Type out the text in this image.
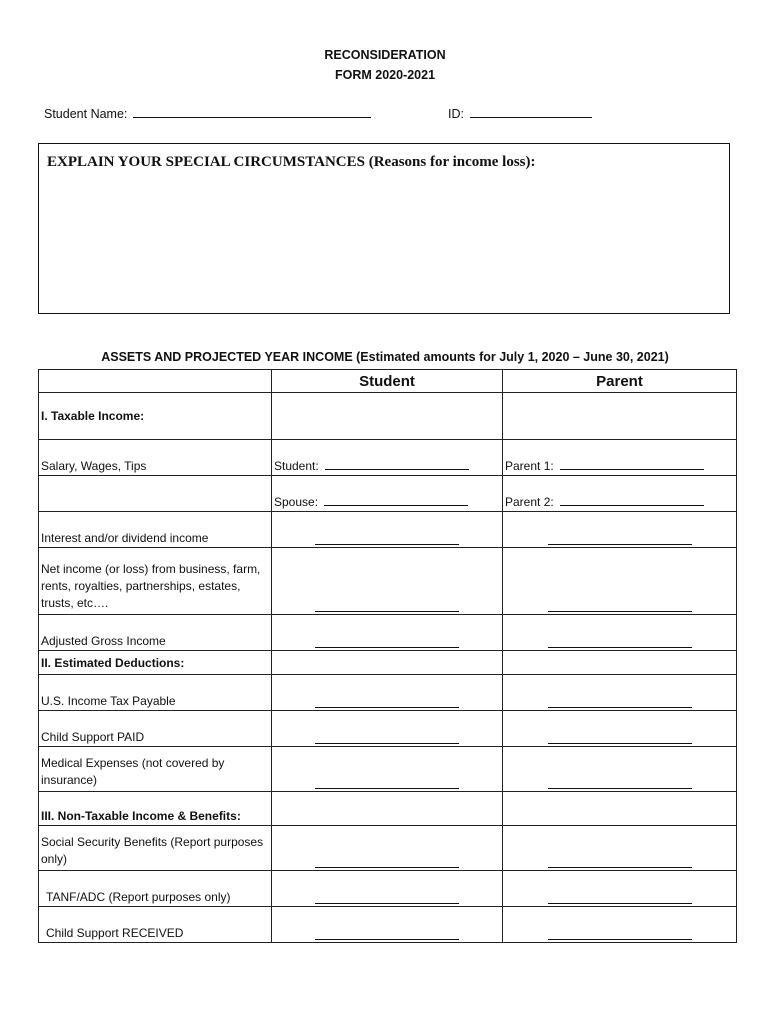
RECONSIDERATION
FORM 2020-2021
Student Name:	ID:
EXPLAIN YOUR SPECIAL CIRCUMSTANCES (Reasons for income loss):
ASSETS AND PROJECTED YEAR INCOME (Estimated amounts for July 1, 2020 – June 30, 2021)
	Student	Parent
I. Taxable Income:		
Salary, Wages, Tips	Student:	Parent 1:
	Spouse:	Parent 2:
Interest and/or dividend income	

Net income (or loss) from business, farm, rents, royalties, partnerships, estates, trusts, etc….	

Adjusted Gross Income	

II. Estimated Deductions:		
U.S. Income Tax Payable	

Child Support PAID	

Medical Expenses (not covered by insurance)	

III. Non-Taxable Income & Benefits:		
Social Security Benefits (Report purposes only)	

TANF/ADC (Report purposes only)	

Child Support RECEIVED	
